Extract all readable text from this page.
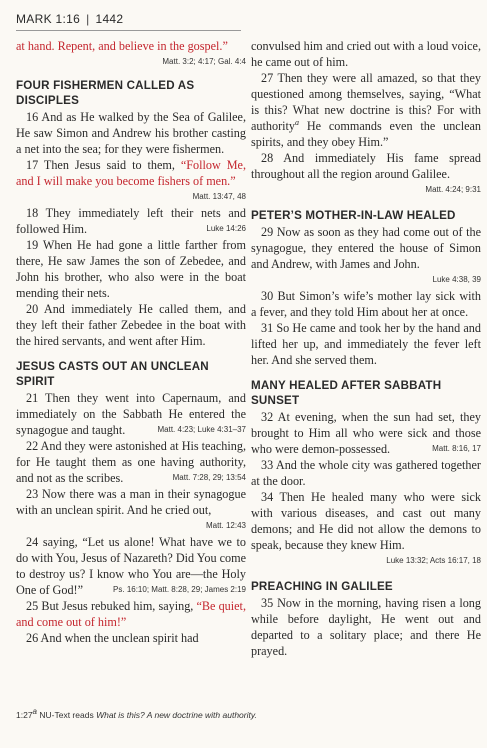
MARK 1:16 | 1442

at hand. Repent, and believe in the gospel.”
Matt. 3:2; 4:17; Gal. 4:4

FOUR FISHERMEN CALLED AS DISCIPLES

16 And as He walked by the Sea of Galilee, He saw Simon and Andrew his brother casting a net into the sea; for they were fishermen.

17 Then Jesus said to them, “Follow Me, and I will make you become fishers of men.”
Matt. 13:47, 48

18 They immediately left their nets and followed Him.	Luke 14:26

19 When He had gone a little farther from there, He saw James the son of Zebedee, and John his brother, who also were in the boat mending their nets.

20 And immediately He called them, and they left their father Zebedee in the boat with the hired servants, and went after Him.

JESUS CASTS OUT AN UNCLEAN SPIRIT

21 Then they went into Capernaum, and immediately on the Sabbath He entered the synagogue and taught.	Matt. 4:23; Luke 4:31–37

22 And they were astonished at His teaching, for He taught them as one having authority, and not as the scribes.	Matt. 7:28, 29; 13:54

23 Now there was a man in their synagogue with an unclean spirit. And he cried out,
Matt. 12:43

24 saying, “Let us alone! What have we to do with You, Jesus of Nazareth? Did You come to destroy us? I know who You are—the Holy One of God!”	Ps. 16:10; Matt. 8:28, 29; James 2:19

25 But Jesus rebuked him, saying, “Be quiet, and come out of him!”

26 And when the unclean spirit had

convulsed him and cried out with a loud voice, he came out of him.

27 Then they were all amazed, so that they questioned among themselves, saying, “What is this? What new doctrine is this? For with authority$^a$ He commands even the unclean spirits, and they obey Him.”

28 And immediately His fame spread throughout all the region around Galilee.
Matt. 4:24; 9:31

PETER’S MOTHER-IN-LAW HEALED

29 Now as soon as they had come out of the synagogue, they entered the house of Simon and Andrew, with James and John.
Luke 4:38, 39

30 But Simon’s wife’s mother lay sick with a fever, and they told Him about her at once.

31 So He came and took her by the hand and lifted her up, and immediately the fever left her. And she served them.

MANY HEALED AFTER SABBATH SUNSET

32 At evening, when the sun had set, they brought to Him all who were sick and those who were demon-possessed.	Matt. 8:16, 17

33 And the whole city was gathered together at the door.

34 Then He healed many who were sick with various diseases, and cast out many demons; and He did not allow the demons to speak, because they knew Him.
Luke 13:32; Acts 16:17, 18

PREACHING IN GALILEE

35 Now in the morning, having risen a long while before daylight, He went out and departed to a solitary place; and there He prayed.

1:27a NU-Text reads What is this? A new doctrine with authority.
